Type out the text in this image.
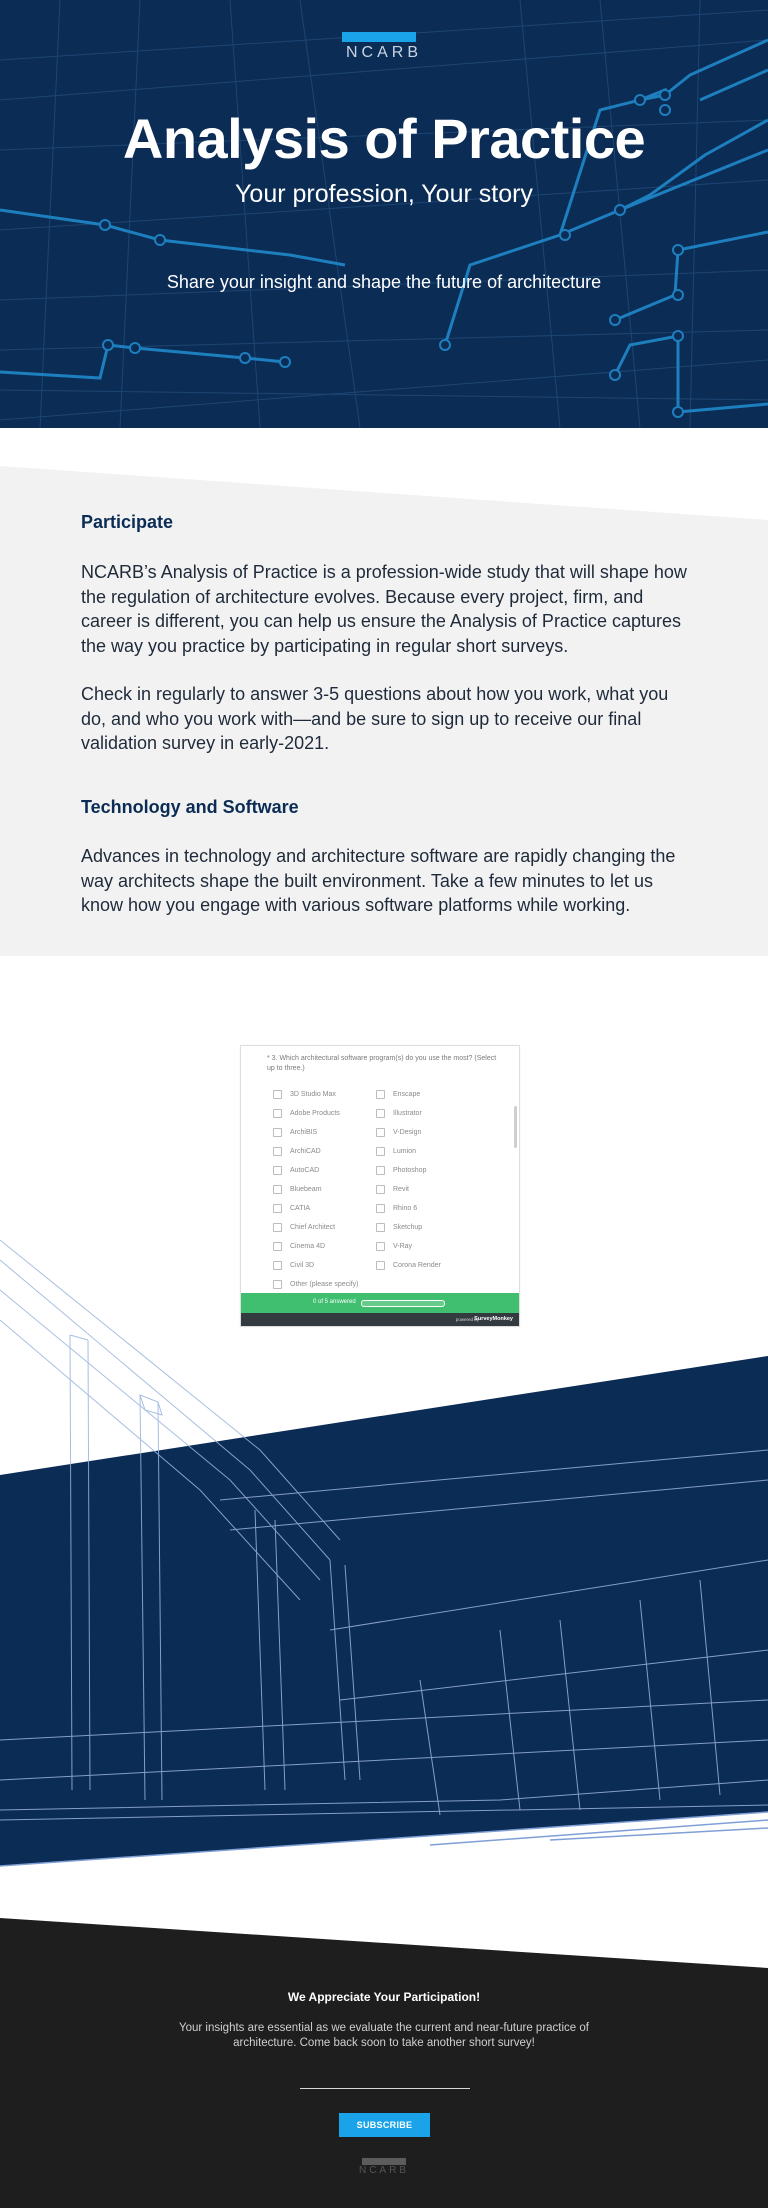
NCARB
Analysis of Practice
Your profession, Your story
Share your insight and shape the future of architecture
Participate

NCARB’s Analysis of Practice is a profession-wide study that will shape how the regulation of architecture evolves. Because every project, firm, and career is different, you can help us ensure the Analysis of Practice captures the way you practice by participating in regular short surveys.

Check in regularly to answer 3-5 questions about how you work, what you do, and who you work with—and be sure to sign up to receive our final validation survey in early-2021.

Technology and Software

Advances in technology and architecture software are rapidly changing the way architects shape the built environment. Take a few minutes to let us know how you engage with various software platforms while working.

* 3. Which architectural software program(s) do you use the most? (Select up to three.)

3D Studio Max
Adobe Products
ArchiBIS
ArchiCAD
AutoCAD
Bluebeam
CATIA
Chief Architect
Cinema 4D
Civil 3D
Other (please specify)
Enscape
Illustrator
V-Design
Lumion
Photoshop
Revit
Rhino 6
Sketchup
V-Ray
Corona Render
0 of 5 answered
powered by
SurveyMonkey
We Appreciate Your Participation!

Your insights are essential as we evaluate the current and near-future practice of architecture. Come back soon to take another short survey!

SUBSCRIBE
NCARB
